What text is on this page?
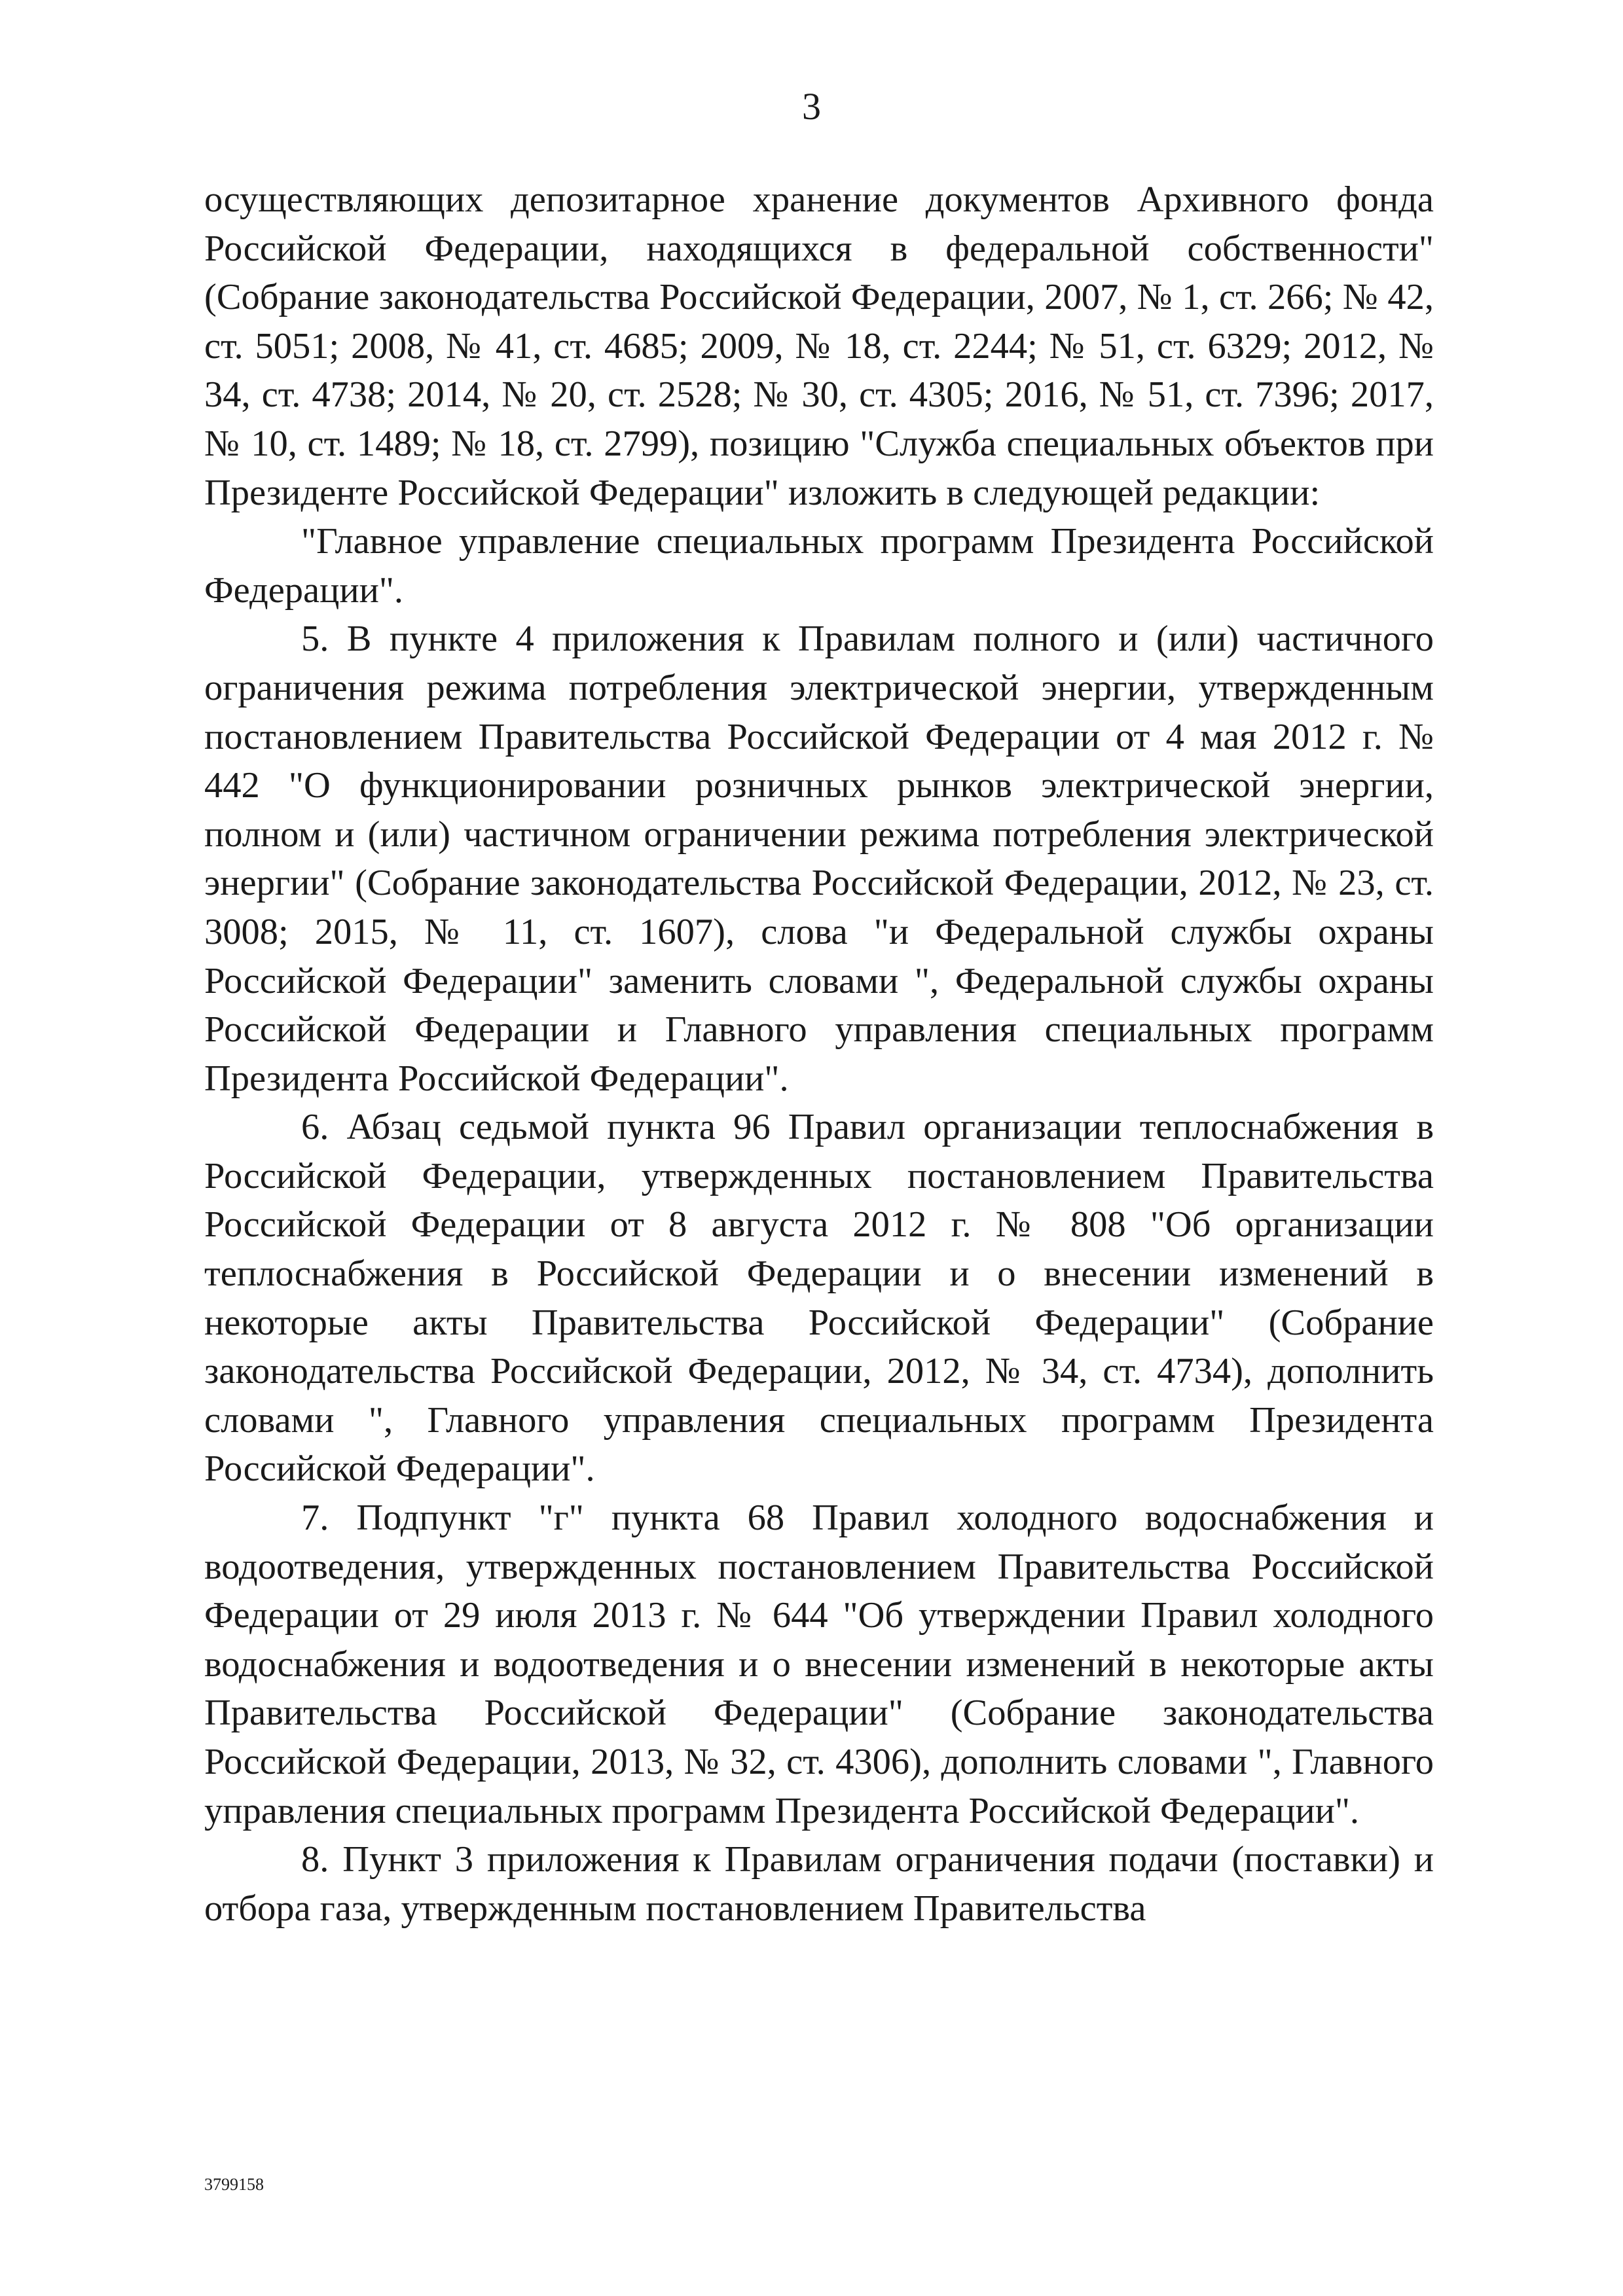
3

осуществляющих депозитарное хранение документов Архивного фонда Российской Федерации, находящихся в федеральной собственности" (Собрание законодательства Российской Федерации, 2007, № 1, ст. 266; № 42, ст. 5051; 2008, № 41, ст. 4685; 2009, № 18, ст. 2244; № 51, ст. 6329; 2012, № 34, ст. 4738; 2014, № 20, ст. 2528; № 30, ст. 4305; 2016, № 51, ст. 7396; 2017, № 10, ст. 1489; № 18, ст. 2799), позицию "Служба специальных объектов при Президенте Российской Федерации" изложить в следующей редакции:

"Главное управление специальных программ Президента Российской Федерации".

5. В пункте 4 приложения к Правилам полного и (или) частичного ограничения режима потребления электрической энергии, утвержденным постановлением Правительства Российской Федерации от 4 мая 2012 г. № 442 "О функционировании розничных рынков электрической энергии, полном и (или) частичном ограничении режима потребления электрической энергии" (Собрание законодательства Российской Федерации, 2012, № 23, ст. 3008; 2015, № 11, ст. 1607), слова "и Федеральной службы охраны Российской Федерации" заменить словами ", Федеральной службы охраны Российской Федерации и Главного управления специальных программ Президента Российской Федерации".

6. Абзац седьмой пункта 96 Правил организации теплоснабжения в Российской Федерации, утвержденных постановлением Правительства Российской Федерации от 8 августа 2012 г. № 808 "Об организации теплоснабжения в Российской Федерации и о внесении изменений в некоторые акты Правительства Российской Федерации" (Собрание законодательства Российской Федерации, 2012, № 34, ст. 4734), дополнить словами ", Главного управления специальных программ Президента Российской Федерации".

7. Подпункт "г" пункта 68 Правил холодного водоснабжения и водоотведения, утвержденных постановлением Правительства Российской Федерации от 29 июля 2013 г. № 644 "Об утверждении Правил холодного водоснабжения и водоотведения и о внесении изменений в некоторые акты Правительства Российской Федерации" (Собрание законодательства Российской Федерации, 2013, № 32, ст. 4306), дополнить словами ", Главного управления специальных программ Президента Российской Федерации".

8. Пункт 3 приложения к Правилам ограничения подачи (поставки) и отбора газа, утвержденным постановлением Правительства

3799158
